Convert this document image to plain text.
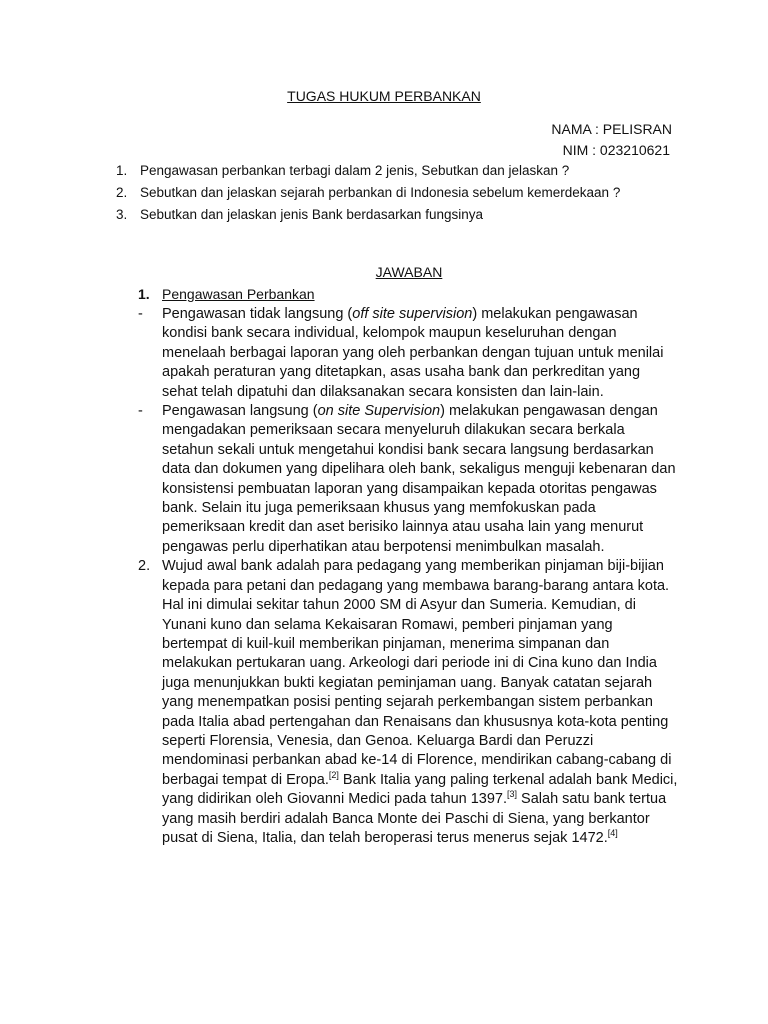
TUGAS HUKUM PERBANKAN
NAMA : PELISRAN
NIM : 023210621
1. Pengawasan perbankan terbagi dalam 2 jenis, Sebutkan dan jelaskan ?
2. Sebutkan dan jelaskan sejarah perbankan di Indonesia sebelum kemerdekaan ?
3. Sebutkan dan jelaskan jenis Bank berdasarkan fungsinya
JAWABAN
1. Pengawasan Perbankan
-	Pengawasan tidak langsung (off site supervision) melakukan pengawasan kondisi bank secara individual, kelompok maupun keseluruhan dengan menelaah berbagai laporan yang oleh perbankan dengan tujuan untuk menilai apakah peraturan yang ditetapkan, asas usaha bank dan perkreditan yang sehat telah dipatuhi dan dilaksanakan secara konsisten dan lain-lain.
-	Pengawasan langsung (on site Supervision) melakukan pengawasan dengan mengadakan pemeriksaan secara menyeluruh dilakukan secara berkala setahun sekali untuk mengetahui kondisi bank secara langsung berdasarkan data dan dokumen yang dipelihara oleh bank, sekaligus menguji kebenaran dan konsistensi pembuatan laporan yang disampaikan kepada otoritas pengawas bank. Selain itu juga pemeriksaan khusus yang memfokuskan pada pemeriksaan kredit dan aset berisiko lainnya atau usaha lain yang menurut pengawas perlu diperhatikan atau berpotensi menimbulkan masalah.
2. Wujud awal bank adalah para pedagang yang memberikan pinjaman biji-bijian kepada para petani dan pedagang yang membawa barang-barang antara kota. Hal ini dimulai sekitar tahun 2000 SM di Asyur dan Sumeria. Kemudian, di Yunani kuno dan selama Kekaisaran Romawi, pemberi pinjaman yang bertempat di kuil-kuil memberikan pinjaman, menerima simpanan dan melakukan pertukaran uang. Arkeologi dari periode ini di Cina kuno dan India juga menunjukkan bukti kegiatan peminjaman uang. Banyak catatan sejarah yang menempatkan posisi penting sejarah perkembangan sistem perbankan pada Italia abad pertengahan dan Renaisans dan khususnya kota-kota penting seperti Florensia, Venesia, dan Genoa. Keluarga Bardi dan Peruzzi mendominasi perbankan abad ke-14 di Florence, mendirikan cabang-cabang di berbagai tempat di Eropa.[2] Bank Italia yang paling terkenal adalah bank Medici, yang didirikan oleh Giovanni Medici pada tahun 1397.[3] Salah satu bank tertua yang masih berdiri adalah Banca Monte dei Paschi di Siena, yang berkantor pusat di Siena, Italia, dan telah beroperasi terus menerus sejak 1472.[4]
